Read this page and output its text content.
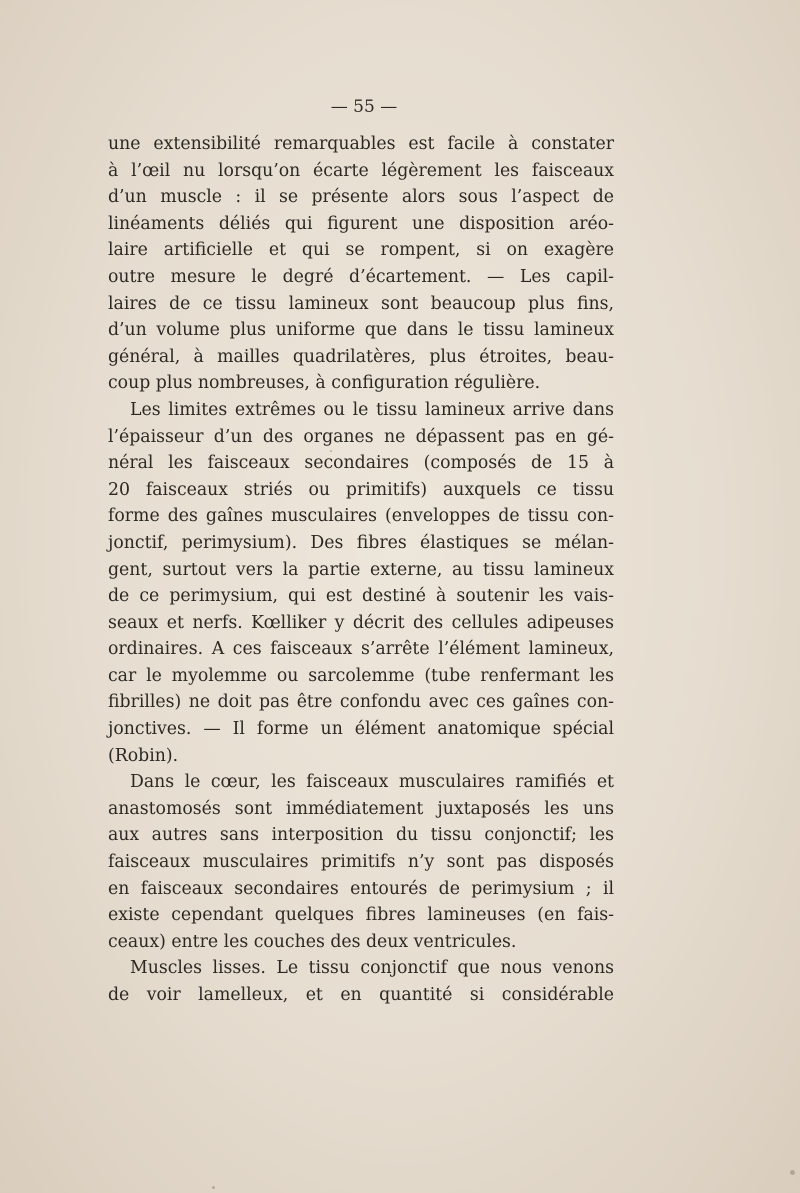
— 55 —
une extensibilité remarquables est facile à constater
à l’œil nu lorsqu’on écarte légèrement les faisceaux
d’un muscle : il se présente alors sous l’aspect de
linéaments déliés qui figurent une disposition aréo-
laire artificielle et qui se rompent, si on exagère
outre mesure le degré d’écartement. — Les capil-
laires de ce tissu lamineux sont beaucoup plus fins,
d’un volume plus uniforme que dans le tissu lamineux
général, à mailles quadrilatères, plus étroites, beau-
coup plus nombreuses, à configuration régulière.
Les limites extrêmes ou le tissu lamineux arrive dans
l’épaisseur d’un des organes ne dépassent pas en gé-
néral les faisceaux secondaires (composés de 15 à
20 faisceaux striés ou primitifs) auxquels ce tissu
forme des gaînes musculaires (enveloppes de tissu con-
jonctif, perimysium). Des fibres élastiques se mélan-
gent, surtout vers la partie externe, au tissu lamineux
de ce perimysium, qui est destiné à soutenir les vais-
seaux et nerfs. Kœlliker y décrit des cellules adipeuses
ordinaires. A ces faisceaux s’arrête l’élément lamineux,
car le myolemme ou sarcolemme (tube renfermant les
fibrilles) ne doit pas être confondu avec ces gaînes con-
jonctives. — Il forme un élément anatomique spécial
(Robin).
Dans le cœur, les faisceaux musculaires ramifiés et
anastomosés sont immédiatement juxtaposés les uns
aux autres sans interposition du tissu conjonctif; les
faisceaux musculaires primitifs n’y sont pas disposés
en faisceaux secondaires entourés de perimysium ; il
existe cependant quelques fibres lamineuses (en fais-
ceaux) entre les couches des deux ventricules.
Muscles lisses. Le tissu conjonctif que nous venons
de voir lamelleux, et en quantité si considérable
